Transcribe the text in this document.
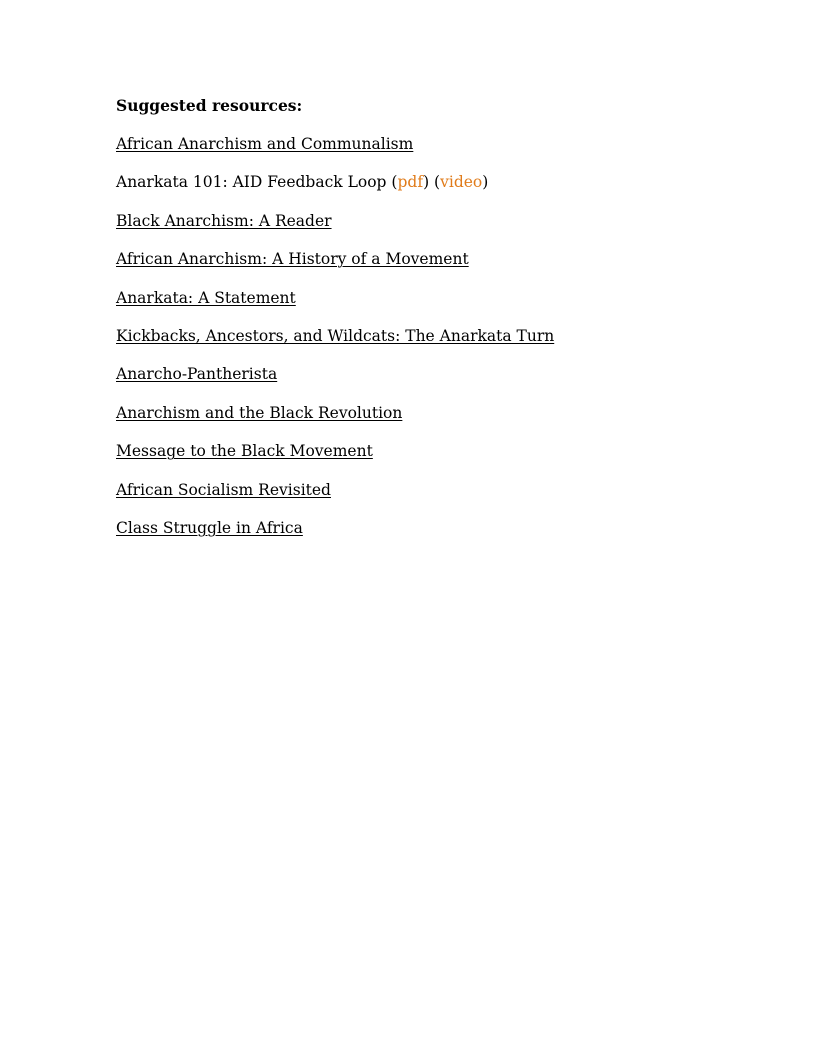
Suggested resources:
African Anarchism and Communalism
Anarkata 101: AID Feedback Loop (pdf) (video)
Black Anarchism: A Reader
African Anarchism: A History of a Movement
Anarkata: A Statement
Kickbacks, Ancestors, and Wildcats: The Anarkata Turn
Anarcho-Pantherista
Anarchism and the Black Revolution
Message to the Black Movement
African Socialism Revisited
Class Struggle in Africa
